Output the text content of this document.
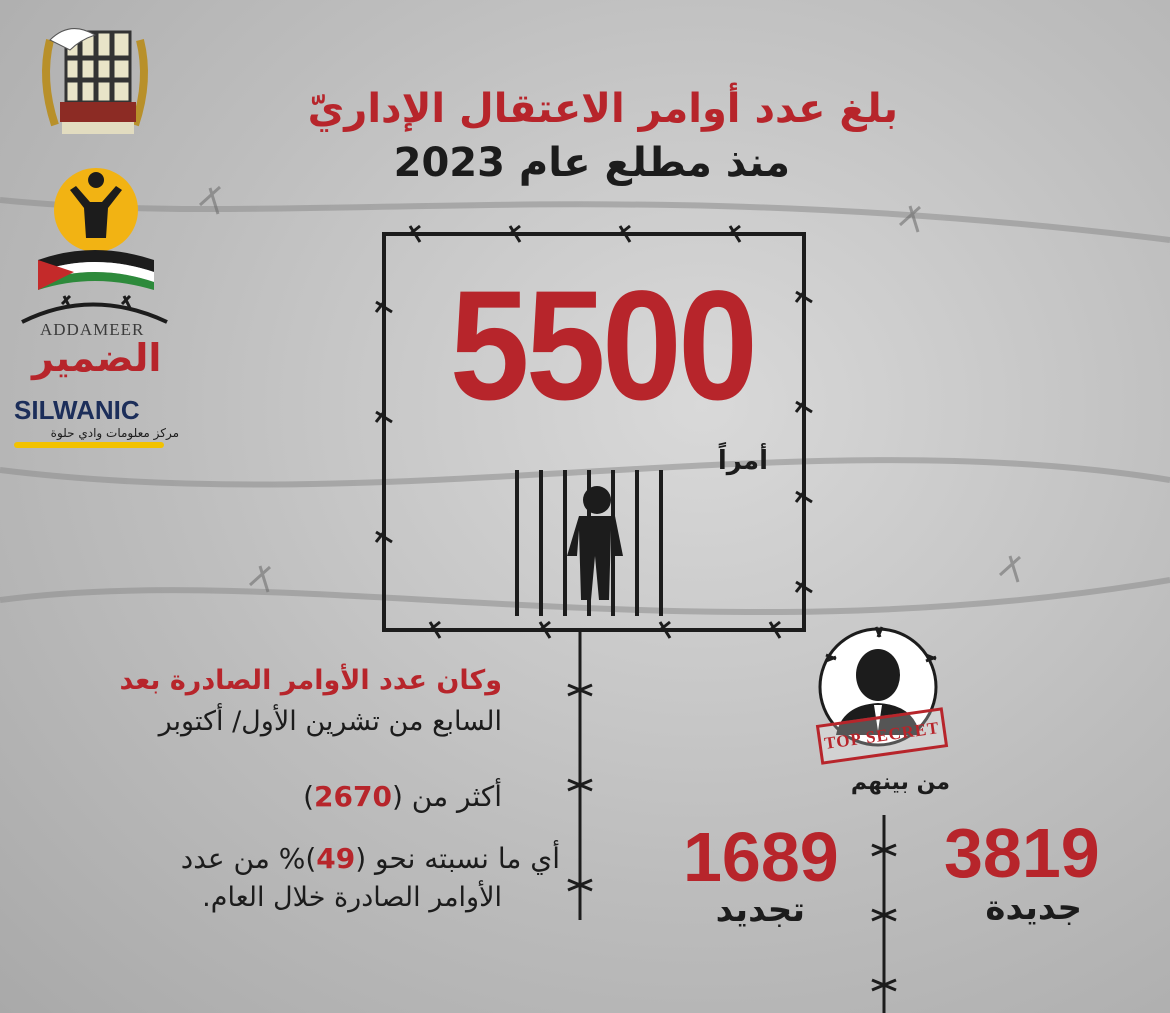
ADDAMEER
الضمير
SILWANIC
مركز معلومات وادي حلوة
بلغ عدد أوامر الاعتقال الإداريّ
منذ مطلع عام 2023
5500
أمراً

وكان عدد الأوامر الصادرة بعد

السابع من تشرين الأول/ أكتوبر

أكثر من (2670)

أي ما نسبته نحو (49)% من عدد

الأوامر الصادرة خلال العام.

TOP SECRET
من بينهم
3819
جديدة
1689
تجديد
